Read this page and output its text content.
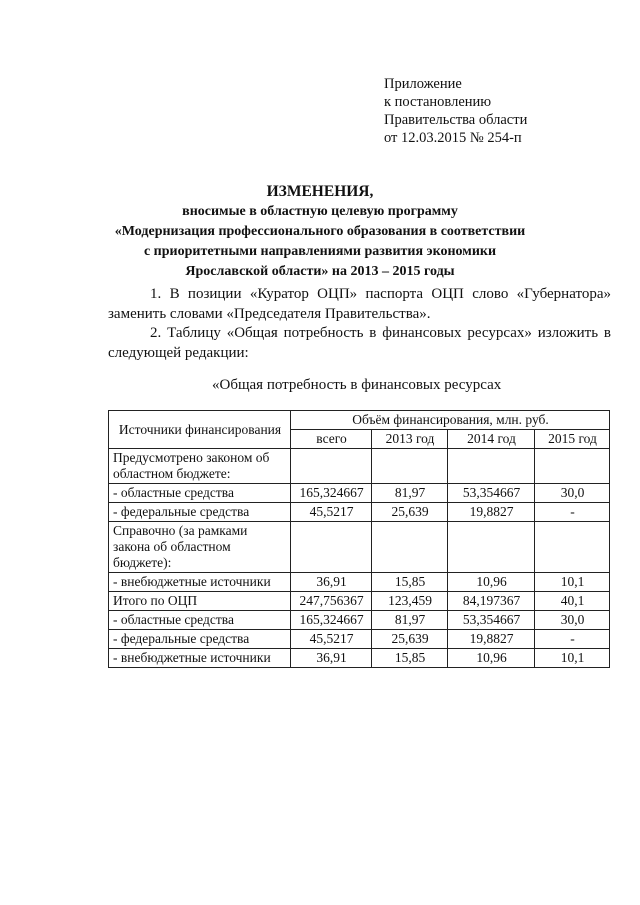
Приложение
к постановлению
Правительства области
от 12.03.2015 № 254-п
ИЗМЕНЕНИЯ,
вносимые в областную целевую программу
«Модернизация профессионального образования в соответствии
с приоритетными направлениями развития экономики
Ярославской области» на 2013 – 2015 годы
1. В позиции «Куратор ОЦП» паспорта ОЦП слово «Губернатора» заменить словами «Председателя Правительства».
2. Таблицу «Общая потребность в финансовых ресурсах» изложить в следующей редакции:
«Общая потребность в финансовых ресурсах
Источники финансирования	Объём финансирования, млн. руб.			
	всего	2013 год	2014 год	2015 год
Предусмотрено законом об областном бюджете:				
- областные средства	165,324667	81,97	53,354667	30,0
- федеральные средства	45,5217	25,639	19,8827	-
Справочно (за рамками закона об областном бюджете):				
- внебюджетные источники	36,91	15,85	10,96	10,1
Итого по ОЦП	247,756367	123,459	84,197367	40,1
- областные средства	165,324667	81,97	53,354667	30,0
- федеральные средства	45,5217	25,639	19,8827	-
- внебюджетные источники	36,91	15,85	10,96	10,1
